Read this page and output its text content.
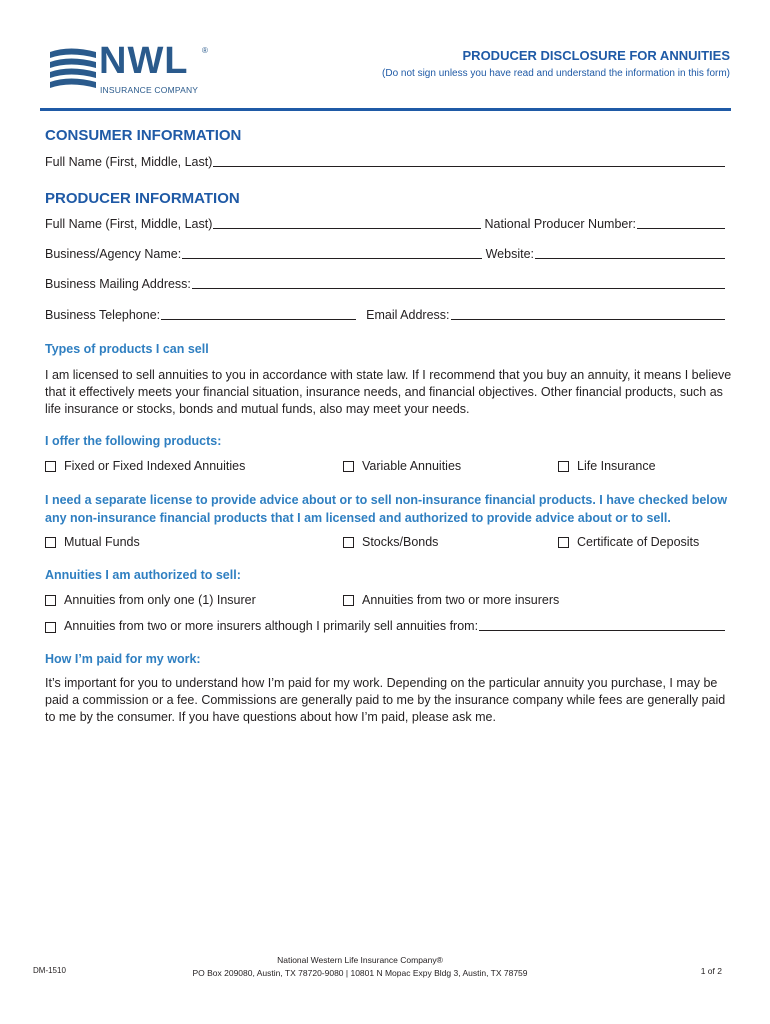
NWL ®
INSURANCE COMPANY
PRODUCER DISCLOSURE FOR ANNUITIES
(Do not sign unless you have read and understand the information in this form)
CONSUMER INFORMATION
Full Name (First, Middle, Last)
PRODUCER INFORMATION
Full Name (First, Middle, Last)	National Producer Number:
Business/Agency Name:	Website:
Business Mailing Address:
Business Telephone:	Email Address:
Types of products I can sell
I am licensed to sell annuities to you in accordance with state law. If I recommend that you buy an annuity, it means I believe that it effectively meets your financial situation, insurance needs, and financial objectives. Other financial products, such as life insurance or stocks, bonds and mutual funds, also may meet your needs.
I offer the following products:
Fixed or Fixed Indexed Annuities	Variable Annuities	Life Insurance
I need a separate license to provide advice about or to sell non-insurance financial products. I have checked below any non-insurance financial products that I am licensed and authorized to provide advice about or to sell.
Mutual Funds	Stocks/Bonds	Certificate of Deposits
Annuities I am authorized to sell:
Annuities from only one (1) Insurer	Annuities from two or more insurers
Annuities from two or more insurers although I primarily sell annuities from:
How I’m paid for my work:
It’s important for you to understand how I’m paid for my work. Depending on the particular annuity you purchase, I may be paid a commission or a fee. Commissions are generally paid to me by the insurance company while fees are generally paid to me by the consumer. If you have questions about how I’m paid, please ask me.
DM-1510
National Western Life Insurance Company®
PO Box 209080, Austin, TX 78720-9080 | 10801 N Mopac Expy Bldg 3, Austin, TX 78759	1 of 2
